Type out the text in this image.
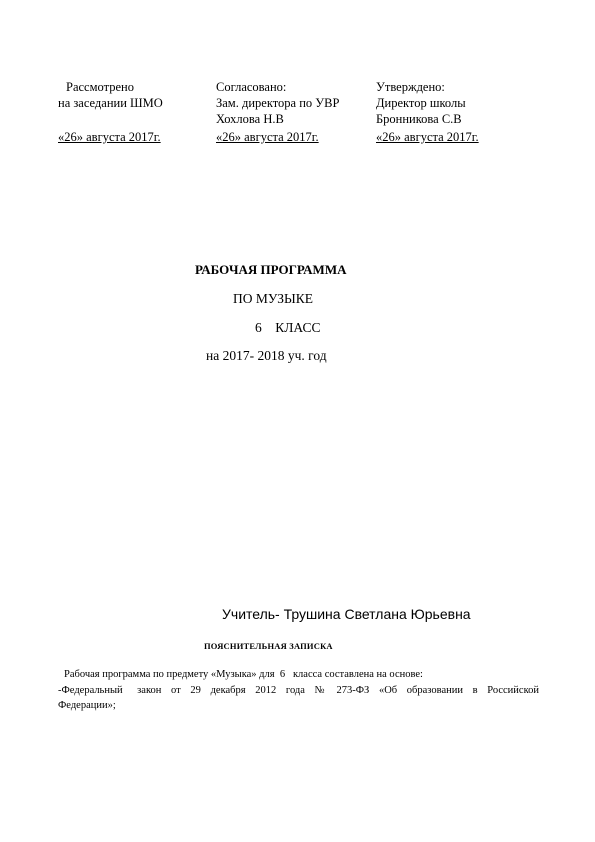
Рассмотрено
на заседании ШМО
«26» августа 2017г.
Согласовано:
Зам. директора по УВР
Хохлова Н.В
«26» августа 2017г.
Утверждено:
Директор школы
Бронникова С.В
«26» августа 2017г.
РАБОЧАЯ ПРОГРАММА
ПО МУЗЫКЕ
6    КЛАСС
на 2017- 2018 уч. год
Учитель- Трушина Светлана Юрьевна
ПОЯСНИТЕЛЬНАЯ ЗАПИСКА
Рабочая программа по предмету «Музыка» для  6   класса составлена на основе:
-Федеральный   закон  от  29  декабря  2012  года  №  273-ФЗ  «Об  образовании  в  Российской
Федерации»;
